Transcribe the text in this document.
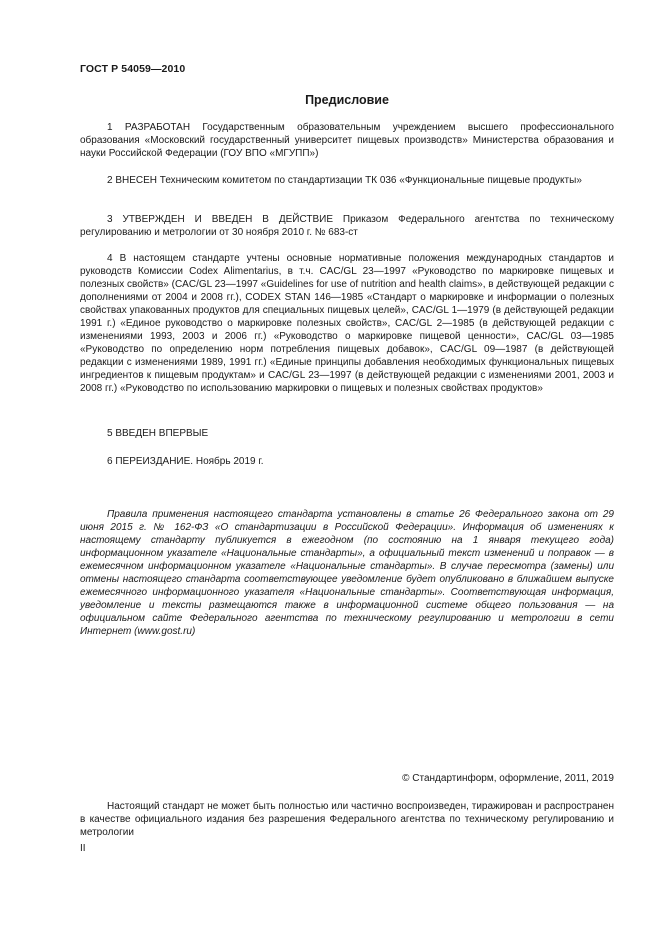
ГОСТ Р 54059—2010
Предисловие

1 РАЗРАБОТАН Государственным образовательным учреждением высшего профессионального образования «Московский государственный университет пищевых производств» Министерства образования и науки Российской Федерации (ГОУ ВПО «МГУПП»)

2 ВНЕСЕН Техническим комитетом по стандартизации ТК 036 «Функциональные пищевые продукты»

3 УТВЕРЖДЕН И ВВЕДЕН В ДЕЙСТВИЕ Приказом Федерального агентства по техническому регулированию и метрологии от 30 ноября 2010 г. № 683-ст

4 В настоящем стандарте учтены основные нормативные положения международных стандартов и руководств Комиссии Codex Alimentarius, в т.ч. CAC/GL 23—1997 «Руководство по маркировке пищевых и полезных свойств» (CAC/GL 23—1997 «Guidelines for use of nutrition and health claims», в действующей редакции с дополнениями от 2004 и 2008 гг.), CODEX STAN 146—1985 «Стандарт о маркировке и информации о полезных свойствах упакованных продуктов для специальных пищевых целей», CAC/GL 1—1979 (в действующей редакции 1991 г.) «Единое руководство о маркировке полезных свойств», CAC/GL 2—1985 (в действующей редакции с изменениями 1993, 2003 и 2006 гг.) «Руководство о маркировке пищевой ценности», CAC/GL 03—1985 «Руководство по определению норм потребления пищевых добавок», CAC/GL 09—1987 (в действующей редакции с изменениями 1989, 1991 гг.) «Единые принципы добавления необходимых функциональных пищевых ингредиентов к пищевым продуктам» и CAC/GL 23—1997 (в действующей редакции с изменениями 2001, 2003 и 2008 гг.) «Руководство по использованию маркировки о пищевых и полезных свойствах продуктов»

5 ВВЕДЕН ВПЕРВЫЕ

6 ПЕРЕИЗДАНИЕ. Ноябрь 2019 г.

Правила применения настоящего стандарта установлены в статье 26 Федерального закона от 29 июня 2015 г. № 162-ФЗ «О стандартизации в Российской Федерации». Информация об изменениях к настоящему стандарту публикуется в ежегодном (по состоянию на 1 января текущего года) информационном указателе «Национальные стандарты», а официальный текст изменений и поправок — в ежемесячном информационном указателе «Национальные стандарты». В случае пересмотра (замены) или отмены настоящего стандарта соответствующее уведомление будет опубликовано в ближайшем выпуске ежемесячного информационного указателя «Национальные стандарты». Соответствующая информация, уведомление и тексты размещаются также в информационной системе общего пользования — на официальном сайте Федерального агентства по техническому регулированию и метрологии в сети Интернет (www.gost.ru)

© Стандартинформ, оформление, 2011, 2019

Настоящий стандарт не может быть полностью или частично воспроизведен, тиражирован и распространен в качестве официального издания без разрешения Федерального агентства по техническому регулированию и метрологии

II
